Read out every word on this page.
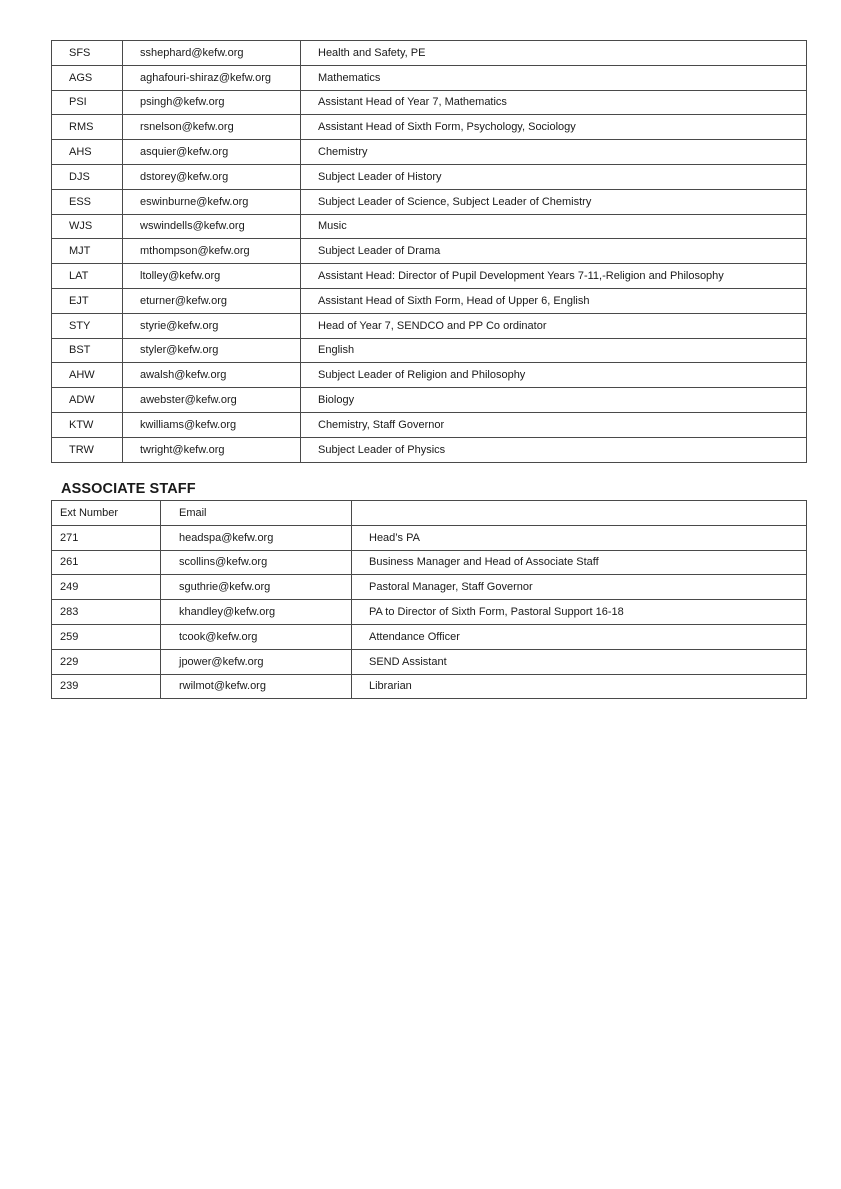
SFS	sshephard@kefw.org	Health and Safety, PE
AGS	aghafouri-shiraz@kefw.org	Mathematics
PSI	psingh@kefw.org	Assistant Head of Year 7, Mathematics
RMS	rsnelson@kefw.org	Assistant Head of Sixth Form, Psychology, Sociology
AHS	asquier@kefw.org	Chemistry
DJS	dstorey@kefw.org	Subject Leader of History
ESS	eswinburne@kefw.org	Subject Leader of Science, Subject Leader of Chemistry
WJS	wswindells@kefw.org	Music
MJT	mthompson@kefw.org	Subject Leader of Drama
LAT	ltolley@kefw.org	Assistant Head: Director of Pupil Development Years 7-11,-Religion and Philosophy
EJT	eturner@kefw.org	Assistant Head of Sixth Form, Head of Upper 6, English
STY	styrie@kefw.org	Head of Year 7, SENDCO and PP Co ordinator
BST	styler@kefw.org	English
AHW	awalsh@kefw.org	Subject Leader of Religion and Philosophy
ADW	awebster@kefw.org	Biology
KTW	kwilliams@kefw.org	Chemistry, Staff Governor
TRW	twright@kefw.org	Subject Leader of Physics
ASSOCIATE STAFF
Ext Number	Email	
271	headspa@kefw.org	Head’s PA
261	scollins@kefw.org	Business Manager and Head of Associate Staff
249	sguthrie@kefw.org	Pastoral Manager, Staff Governor
283	khandley@kefw.org	PA to Director of Sixth Form, Pastoral Support 16-18
259	tcook@kefw.org	Attendance Officer
229	jpower@kefw.org	SEND Assistant
239	rwilmot@kefw.org	Librarian
